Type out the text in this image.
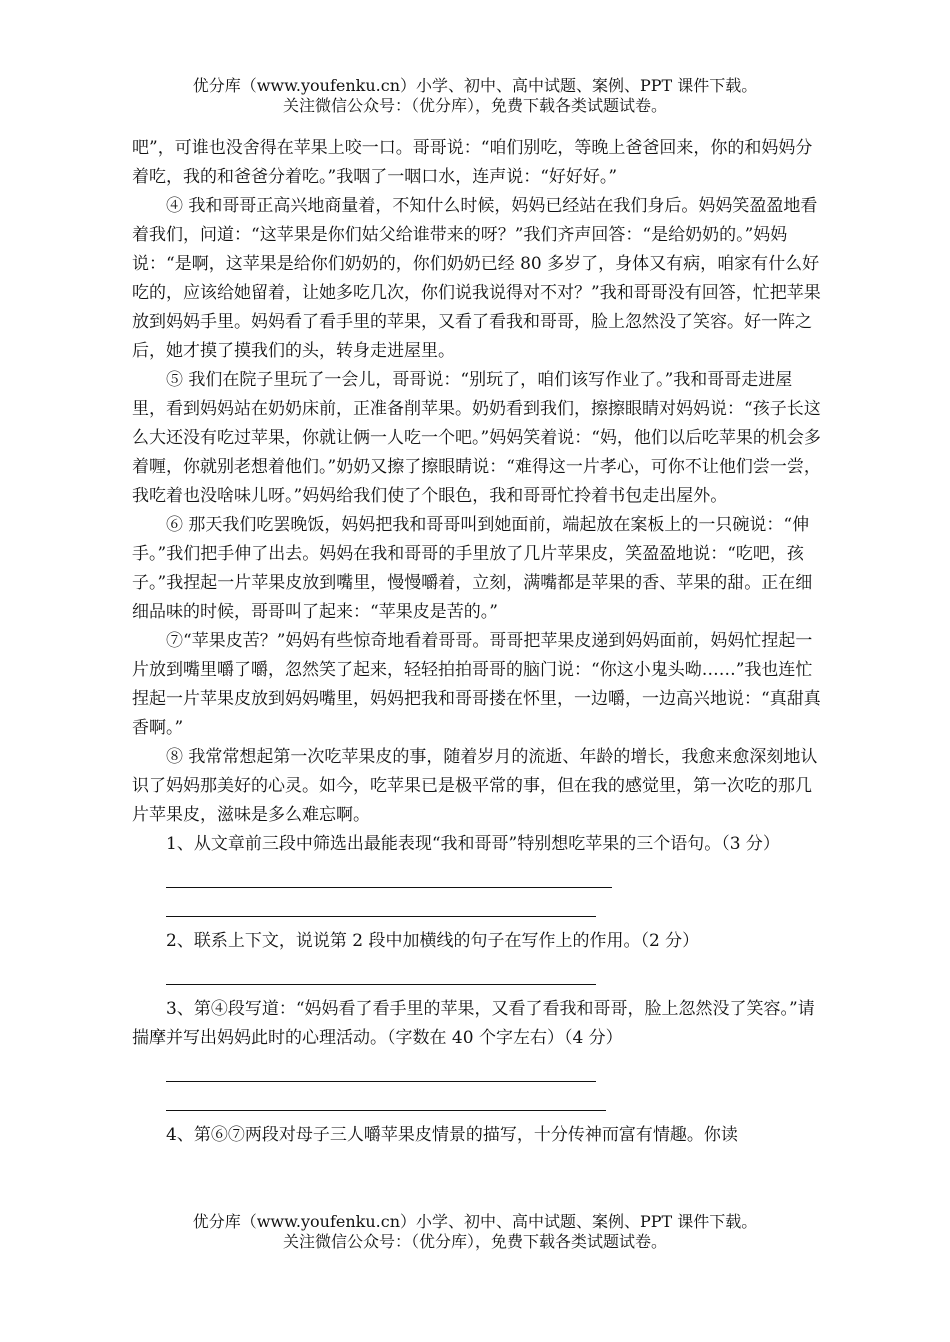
优分库（www.youfenku.cn）小学、初中、高中试题、案例、PPT 课件下载。
关注微信公众号：（优分库），免费下载各类试题试卷。

吧”，可谁也没舍得在苹果上咬一口。哥哥说：“咱们别吃，等晚上爸爸回来，你的和妈妈分着吃，我的和爸爸分着吃。”我咽了一咽口水，连声说：“好好好。”

④ 我和哥哥正高兴地商量着，不知什么时候，妈妈已经站在我们身后。妈妈笑盈盈地看着我们，问道：“这苹果是你们姑父给谁带来的呀？”我们齐声回答：“是给奶奶的。”妈妈说：“是啊，这苹果是给你们奶奶的，你们奶奶已经 80 多岁了，身体又有病，咱家有什么好吃的，应该给她留着，让她多吃几次，你们说我说得对不对？”我和哥哥没有回答，忙把苹果放到妈妈手里。妈妈看了看手里的苹果，又看了看我和哥哥，脸上忽然没了笑容。好一阵之后，她才摸了摸我们的头，转身走进屋里。

⑤ 我们在院子里玩了一会儿，哥哥说：“别玩了，咱们该写作业了。”我和哥哥走进屋里，看到妈妈站在奶奶床前，正准备削苹果。奶奶看到我们，擦擦眼睛对妈妈说：“孩子长这么大还没有吃过苹果，你就让俩一人吃一个吧。”妈妈笑着说：“妈，他们以后吃苹果的机会多着喱，你就别老想着他们。”奶奶又擦了擦眼睛说：“难得这一片孝心，可你不让他们尝一尝，我吃着也没啥味儿呀。”妈妈给我们使了个眼色，我和哥哥忙拎着书包走出屋外。

⑥ 那天我们吃罢晚饭，妈妈把我和哥哥叫到她面前，端起放在案板上的一只碗说：“伸手。”我们把手伸了出去。妈妈在我和哥哥的手里放了几片苹果皮，笑盈盈地说：“吃吧，孩子。”我捏起一片苹果皮放到嘴里，慢慢嚼着，立刻，满嘴都是苹果的香、苹果的甜。正在细细品味的时候，哥哥叫了起来：“苹果皮是苦的。”

⑦“苹果皮苦？”妈妈有些惊奇地看着哥哥。哥哥把苹果皮递到妈妈面前，妈妈忙捏起一片放到嘴里嚼了嚼，忽然笑了起来，轻轻拍拍哥哥的脑门说：“你这小鬼头呦……”我也连忙捏起一片苹果皮放到妈妈嘴里，妈妈把我和哥哥搂在怀里，一边嚼，一边高兴地说：“真甜真香啊。”

⑧ 我常常想起第一次吃苹果皮的事，随着岁月的流逝、年龄的增长，我愈来愈深刻地认识了妈妈那美好的心灵。如今，吃苹果已是极平常的事，但在我的感觉里，第一次吃的那几片苹果皮，滋味是多么难忘啊。

1、从文章前三段中筛选出最能表现“我和哥哥”特别想吃苹果的三个语句。（3 分）

2、联系上下文，说说第 2 段中加横线的句子在写作上的作用。（2 分）

3、第④段写道：“妈妈看了看手里的苹果，又看了看我和哥哥，脸上忽然没了笑容。”请揣摩并写出妈妈此时的心理活动。（字数在 40 个字左右）（4 分）

4、第⑥⑦两段对母子三人嚼苹果皮情景的描写，十分传神而富有情趣。你读

优分库（www.youfenku.cn）小学、初中、高中试题、案例、PPT 课件下载。
关注微信公众号：（优分库），免费下载各类试题试卷。
